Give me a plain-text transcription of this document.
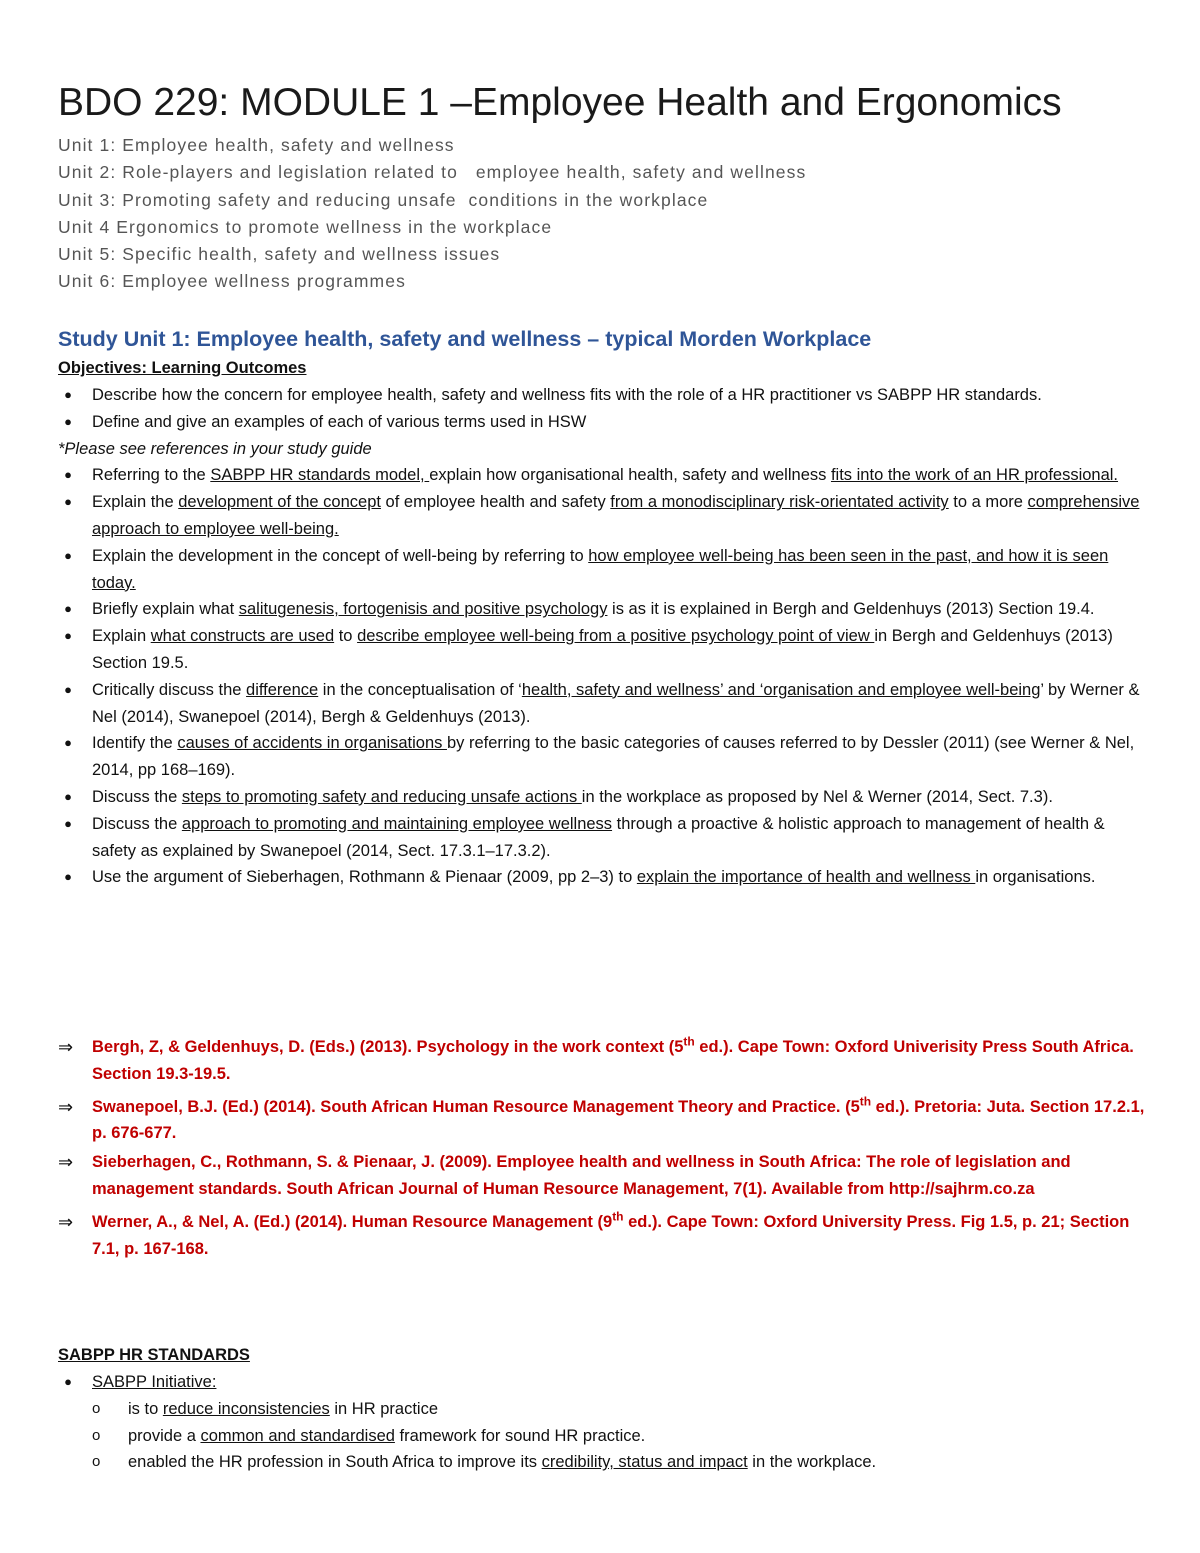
BDO 229: MODULE 1 –Employee Health and Ergonomics
Unit 1: Employee health, safety and wellness
Unit 2: Role-players and legislation related to   employee health, safety and wellness
Unit 3: Promoting safety and reducing unsafe  conditions in the workplace
Unit 4 Ergonomics to promote wellness in the workplace
Unit 5: Specific health, safety and wellness issues
Unit 6: Employee wellness programmes
Study Unit 1: Employee health, safety and wellness – typical Morden Workplace
Objectives: Learning Outcomes
● Describe how the concern for employee health, safety and wellness fits with the role of a HR practitioner vs SABPP HR standards.
● Define and give an examples of each of various terms used in HSW
*Please see references in your study guide
● Referring to the SABPP HR standards model, explain how organisational health, safety and wellness fits into the work of an HR professional.
● Explain the development of the concept of employee health and safety from a monodisciplinary risk-orientated activity to a more comprehensive approach to employee well-being.
● Explain the development in the concept of well-being by referring to how employee well-being has been seen in the past, and how it is seen today.
● Briefly explain what salitugenesis, fortogenisis and positive psychology is as it is explained in Bergh and Geldenhuys (2013) Section 19.4.
● Explain what constructs are used to describe employee well-being from a positive psychology point of view in Bergh and Geldenhuys (2013) Section 19.5.
● Critically discuss the difference in the conceptualisation of ‘health, safety and wellness’ and ‘organisation and employee well-being’ by Werner & Nel (2014), Swanepoel (2014), Bergh & Geldenhuys (2013).
● Identify the causes of accidents in organisations by referring to the basic categories of causes referred to by Dessler (2011) (see Werner & Nel, 2014, pp 168–169).
● Discuss the steps to promoting safety and reducing unsafe actions in the workplace as proposed by Nel & Werner (2014, Sect. 7.3).
● Discuss the approach to promoting and maintaining employee wellness through a proactive & holistic approach to management of health & safety as explained by Swanepoel (2014, Sect. 17.3.1–17.3.2).
● Use the argument of Sieberhagen, Rothmann & Pienaar (2009, pp 2–3) to explain the importance of health and wellness in organisations.
⇒	Bergh, Z, & Geldenhuys, D. (Eds.) (2013). Psychology in the work context (5th ed.). Cape Town: Oxford Univerisity Press South Africa. Section 19.3-19.5.
⇒	Swanepoel, B.J. (Ed.) (2014). South African Human Resource Management Theory and Practice. (5th ed.). Pretoria: Juta. Section 17.2.1, p. 676-677.
⇒	Sieberhagen, C., Rothmann, S. & Pienaar, J. (2009). Employee health and wellness in South Africa: The role of legislation and management standards. South African Journal of Human Resource Management, 7(1). Available from http://sajhrm.co.za
⇒	Werner, A., & Nel, A. (Ed.) (2014). Human Resource Management (9th ed.). Cape Town: Oxford University Press. Fig 1.5, p. 21; Section 7.1, p. 167-168.
SABPP HR STANDARDS
● SABPP Initiative:
o is to reduce inconsistencies in HR practice
o provide a common and standardised framework for sound HR practice.
o enabled the HR profession in South Africa to improve its credibility, status and impact in the workplace.
